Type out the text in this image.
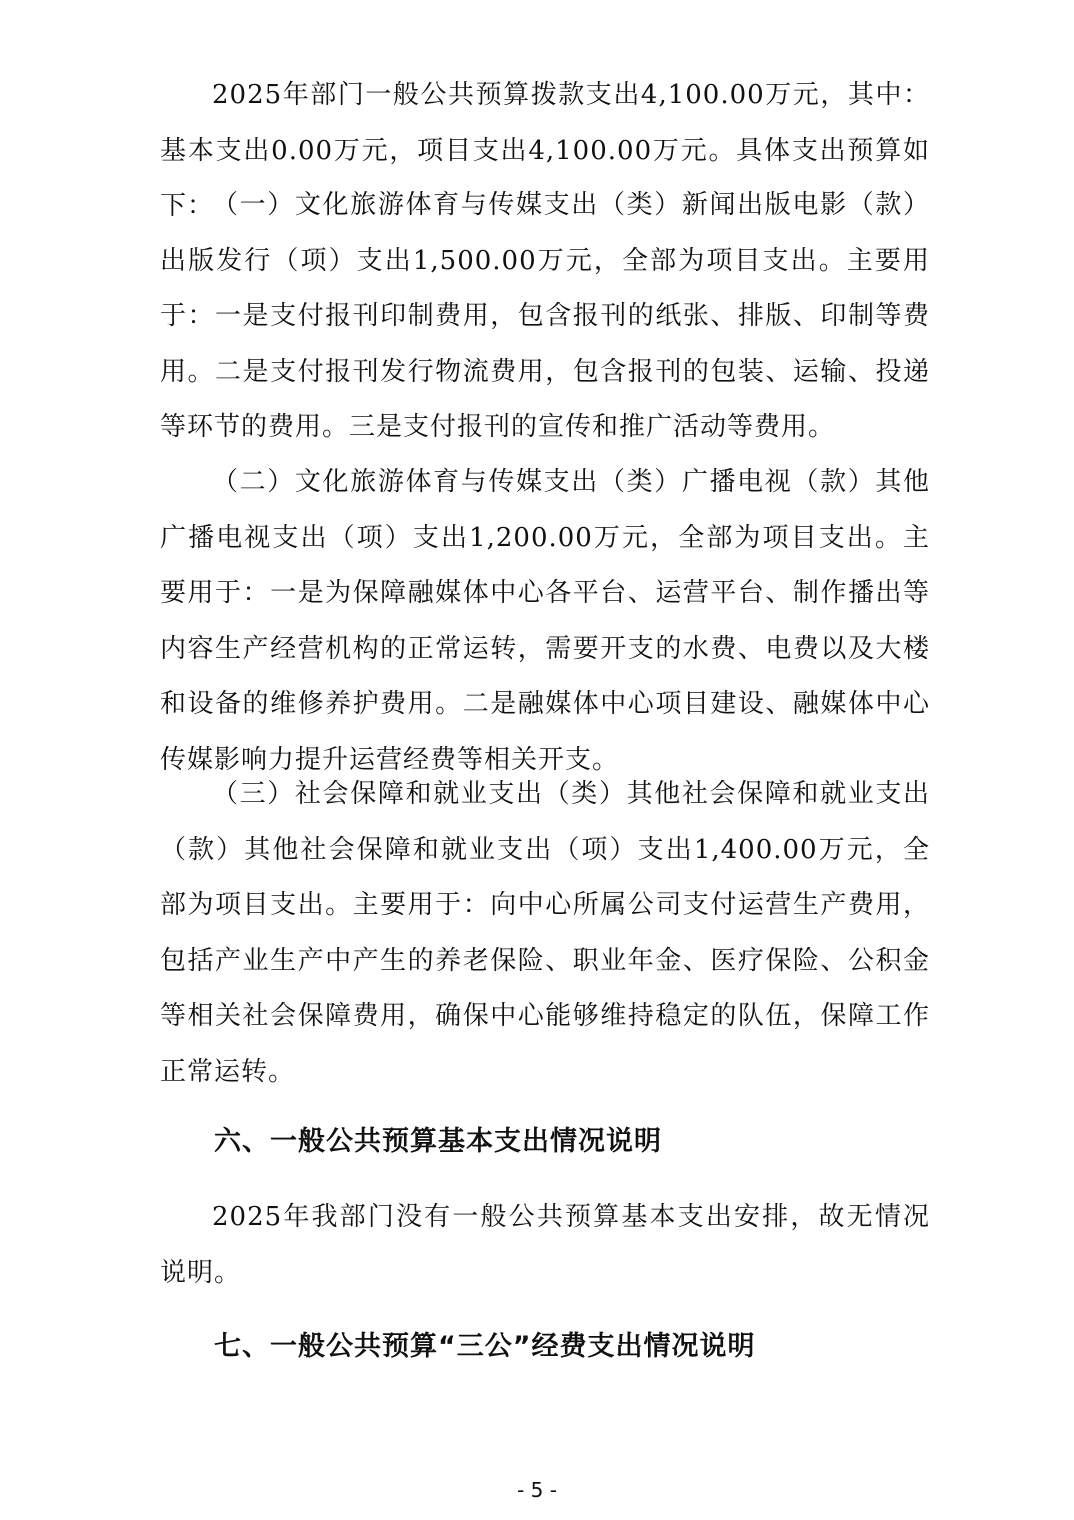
2025年部门一般公共预算拨款支出4,100.00万元，其中：基本支出0.00万元，项目支出4,100.00万元。具体支出预算如下：

（一）文化旅游体育与传媒支出（类）新闻出版电影（款）出版发行（项）支出1,500.00万元，全部为项目支出。主要用于：一是支付报刊印制费用，包含报刊的纸张、排版、印制等费用。二是支付报刊发行物流费用，包含报刊的包装、运输、投递等环节的费用。三是支付报刊的宣传和推广活动等费用。

（二）文化旅游体育与传媒支出（类）广播电视（款）其他广播电视支出（项）支出1,200.00万元，全部为项目支出。主要用于：一是为保障融媒体中心各平台、运营平台、制作播出等内容生产经营机构的正常运转，需要开支的水费、电费以及大楼和设备的维修养护费用。二是融媒体中心项目建设、融媒体中心传媒影响力提升运营经费等相关开支。

（三）社会保障和就业支出（类）其他社会保障和就业支出（款）其他社会保障和就业支出（项）支出1,400.00万元，全部为项目支出。主要用于：向中心所属公司支付运营生产费用，包括产业生产中产生的养老保险、职业年金、医疗保险、公积金等相关社会保障费用，确保中心能够维持稳定的队伍，保障工作正常运转。

六、一般公共预算基本支出情况说明

2025年我部门没有一般公共预算基本支出安排，故无情况说明。

七、一般公共预算“三公”经费支出情况说明
- 5 -
